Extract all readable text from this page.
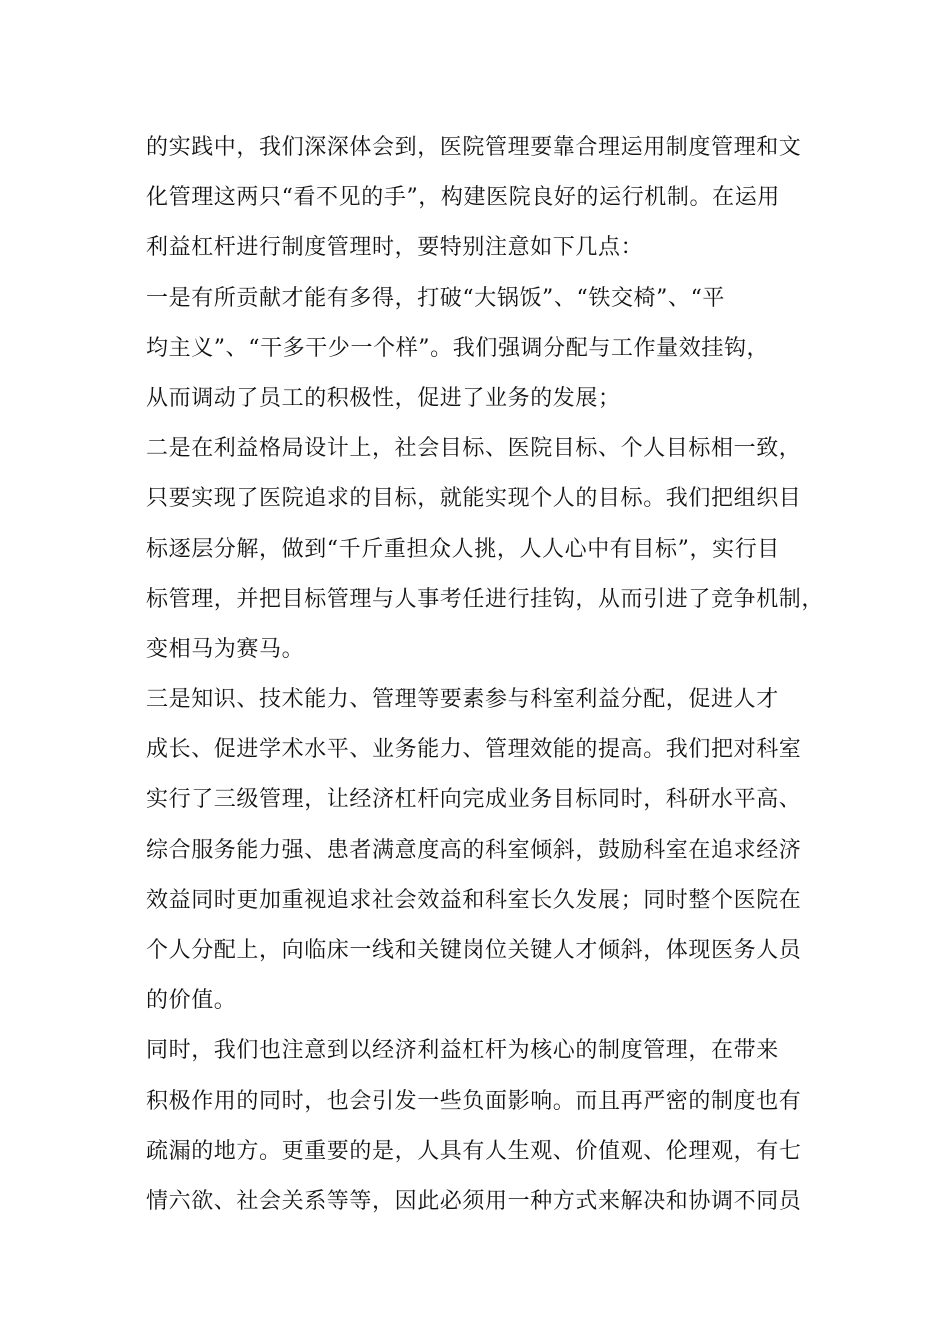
的实践中，我们深深体会到，医院管理要靠合理运用制度管理和文
化管理这两只“看不见的手”，构建医院良好的运行机制。在运用
利益杠杆进行制度管理时，要特别注意如下几点：
一是有所贡献才能有多得，打破“大锅饭”、“铁交椅”、“平
均主义”、“干多干少一个样”。我们强调分配与工作量效挂钩，
从而调动了员工的积极性，促进了业务的发展；
二是在利益格局设计上，社会目标、医院目标、个人目标相一致，
只要实现了医院追求的目标，就能实现个人的目标。我们把组织目
标逐层分解，做到“千斤重担众人挑，人人心中有目标”，实行目
标管理，并把目标管理与人事考任进行挂钩，从而引进了竞争机制，
变相马为赛马。
三是知识、技术能力、管理等要素参与科室利益分配，促进人才
成长、促进学术水平、业务能力、管理效能的提高。我们把对科室
实行了三级管理，让经济杠杆向完成业务目标同时，科研水平高、
综合服务能力强、患者满意度高的科室倾斜，鼓励科室在追求经济
效益同时更加重视追求社会效益和科室长久发展；同时整个医院在
个人分配上，向临床一线和关键岗位关键人才倾斜，体现医务人员
的价值。
同时，我们也注意到以经济利益杠杆为核心的制度管理，在带来
积极作用的同时，也会引发一些负面影响。而且再严密的制度也有
疏漏的地方。更重要的是，人具有人生观、价值观、伦理观，有七
情六欲、社会关系等等，因此必须用一种方式来解决和协调不同员
